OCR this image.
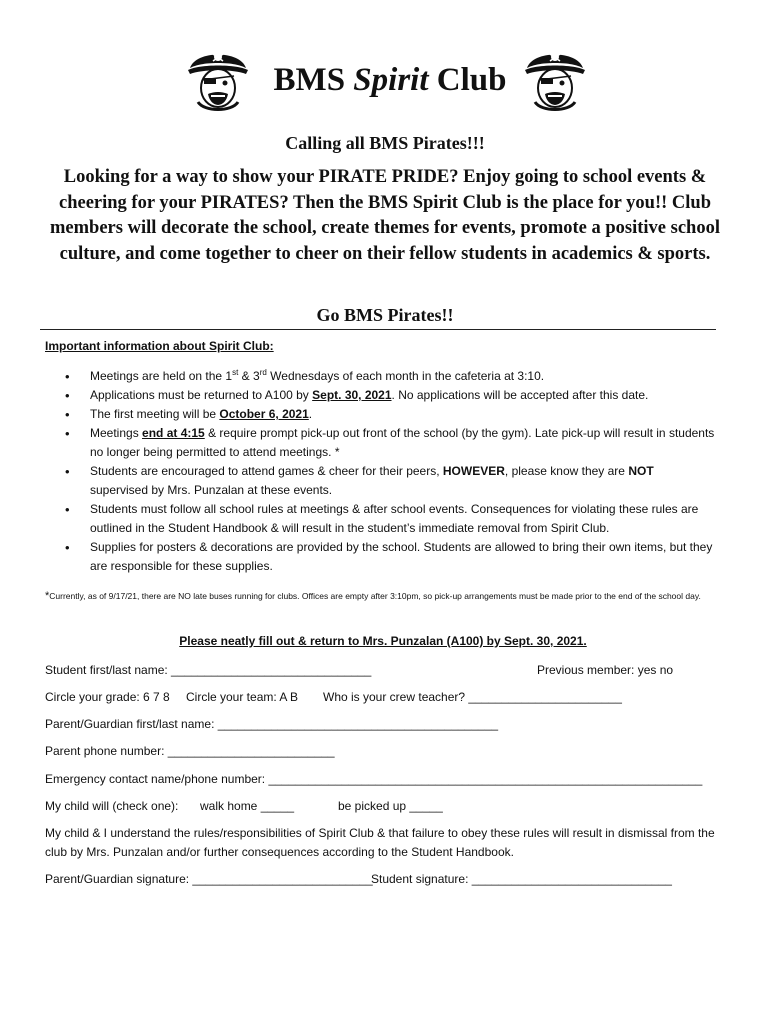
BMS Spirit Club
Calling all BMS Pirates!!!
Looking for a way to show your PIRATE PRIDE? Enjoy going to school events & cheering for your PIRATES? Then the BMS Spirit Club is the place for you!! Club members will decorate the school, create themes for events, promote a positive school culture, and come together to cheer on their fellow students in academics & sports.
Go BMS Pirates!!
Important information about Spirit Club:
• Meetings are held on the 1st & 3rd Wednesdays of each month in the cafeteria at 3:10.
• Applications must be returned to A100 by Sept. 30, 2021. No applications will be accepted after this date.
• The first meeting will be October 6, 2021.
• Meetings end at 4:15 & require prompt pick-up out front of the school (by the gym). Late pick-up will result in students no longer being permitted to attend meetings. *
• Students are encouraged to attend games & cheer for their peers, HOWEVER, please know they are NOT supervised by Mrs. Punzalan at these events.
• Students must follow all school rules at meetings & after school events. Consequences for violating these rules are outlined in the Student Handbook & will result in the student’s immediate removal from Spirit Club.
• Supplies for posters & decorations are provided by the school. Students are allowed to bring their own items, but they are responsible for these supplies.
*Currently, as of 9/17/21, there are NO late buses running for clubs. Offices are empty after 3:10pm, so pick-up arrangements must be made prior to the end of the school day.
Please neatly fill out & return to Mrs. Punzalan (A100) by Sept. 30, 2021.
Student first/last name: ______________________________	Previous member: yes no
Circle your grade: 6 7 8 Circle your team: A B Who is your crew teacher? _______________________
Parent/Guardian first/last name: __________________________________________
Parent phone number: _________________________
Emergency contact name/phone number: _________________________________________________________________
My child will (check one): walk home _____	be picked up _____
My child & I understand the rules/responsibilities of Spirit Club & that failure to obey these rules will result in dismissal from the club by Mrs. Punzalan and/or further consequences according to the Student Handbook.
Parent/Guardian signature: ___________________________
Student signature: ______________________________
